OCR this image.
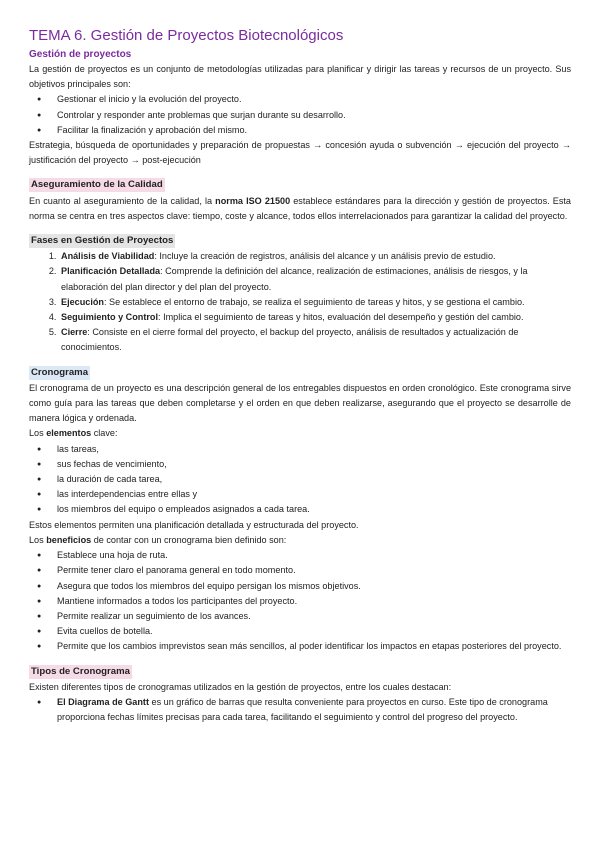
TEMA 6. Gestión de Proyectos Biotecnológicos
Gestión de proyectos

La gestión de proyectos es un conjunto de metodologías utilizadas para planificar y dirigir las tareas y recursos de un proyecto. Sus objetivos principales son:

● Gestionar el inicio y la evolución del proyecto.
● Controlar y responder ante problemas que surjan durante su desarrollo.
● Facilitar la finalización y aprobación del mismo.

Estrategia, búsqueda de oportunidades y preparación de propuestas → concesión ayuda o subvención → ejecución del proyecto → justificación del proyecto → post-ejecución

Aseguramiento de la Calidad

En cuanto al aseguramiento de la calidad, la norma ISO 21500 establece estándares para la dirección y gestión de proyectos. Esta norma se centra en tres aspectos clave: tiempo, coste y alcance, todos ellos interrelacionados para garantizar la calidad del proyecto.

Fases en Gestión de Proyectos
1. Análisis de Viabilidad: Incluye la creación de registros, análisis del alcance y un análisis previo de estudio.
2. Planificación Detallada: Comprende la definición del alcance, realización de estimaciones, análisis de riesgos, y la elaboración del plan director y del plan del proyecto.
3. Ejecución: Se establece el entorno de trabajo, se realiza el seguimiento de tareas y hitos, y se gestiona el cambio.
4. Seguimiento y Control: Implica el seguimiento de tareas y hitos, evaluación del desempeño y gestión del cambio.
5. Cierre: Consiste en el cierre formal del proyecto, el backup del proyecto, análisis de resultados y actualización de conocimientos.
Cronograma

El cronograma de un proyecto es una descripción general de los entregables dispuestos en orden cronológico. Este cronograma sirve como guía para las tareas que deben completarse y el orden en que deben realizarse, asegurando que el proyecto se desarrolle de manera lógica y ordenada.

Los elementos clave:

● las tareas,
● sus fechas de vencimiento,
● la duración de cada tarea,
● las interdependencias entre ellas y
● los miembros del equipo o empleados asignados a cada tarea.

Estos elementos permiten una planificación detallada y estructurada del proyecto.

Los beneficios de contar con un cronograma bien definido son:

● Establece una hoja de ruta.
● Permite tener claro el panorama general en todo momento.
● Asegura que todos los miembros del equipo persigan los mismos objetivos.
● Mantiene informados a todos los participantes del proyecto.
● Permite realizar un seguimiento de los avances.
● Evita cuellos de botella.
● Permite que los cambios imprevistos sean más sencillos, al poder identificar los impactos en etapas posteriores del proyecto.
Tipos de Cronograma

Existen diferentes tipos de cronogramas utilizados en la gestión de proyectos, entre los cuales destacan:

● El Diagrama de Gantt es un gráfico de barras que resulta conveniente para proyectos en curso. Este tipo de cronograma proporciona fechas límites precisas para cada tarea, facilitando el seguimiento y control del progreso del proyecto.
